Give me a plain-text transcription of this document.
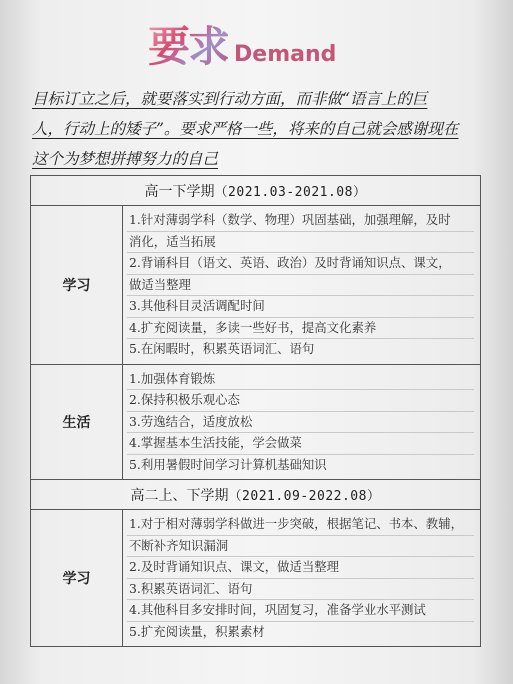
要求 Demand
目标订立之后，就要落实到行动方面，而非做“语言上的巨
人，行动上的矮子”。要求严格一些，将来的自己就会感谢现在
这个为梦想拼搏努力的自己
高一下学期 （2021.03-2021.08）
学习
1.针对薄弱学科（数学、物理）巩固基础，加强理解，及时
消化，适当拓展
2.背诵科目（语文、英语、政治）及时背诵知识点、课文，
做适当整理
3.其他科目灵活调配时间
4.扩充阅读量，多读一些好书，提高文化素养
5.在闲暇时，积累英语词汇、语句
生活
1.加强体育锻炼
2.保持积极乐观心态
3.劳逸结合，适度放松
4.掌握基本生活技能，学会做菜
5.利用暑假时间学习计算机基础知识
高二上、下学期 （2021.09-2022.08）
学习
1.对于相对薄弱学科做进一步突破，根据笔记、书本、教辅，
不断补齐知识漏洞
2.及时背诵知识点、课文，做适当整理
3.积累英语词汇、语句
4.其他科目多安排时间，巩固复习，准备学业水平测试
5.扩充阅读量，积累素材
